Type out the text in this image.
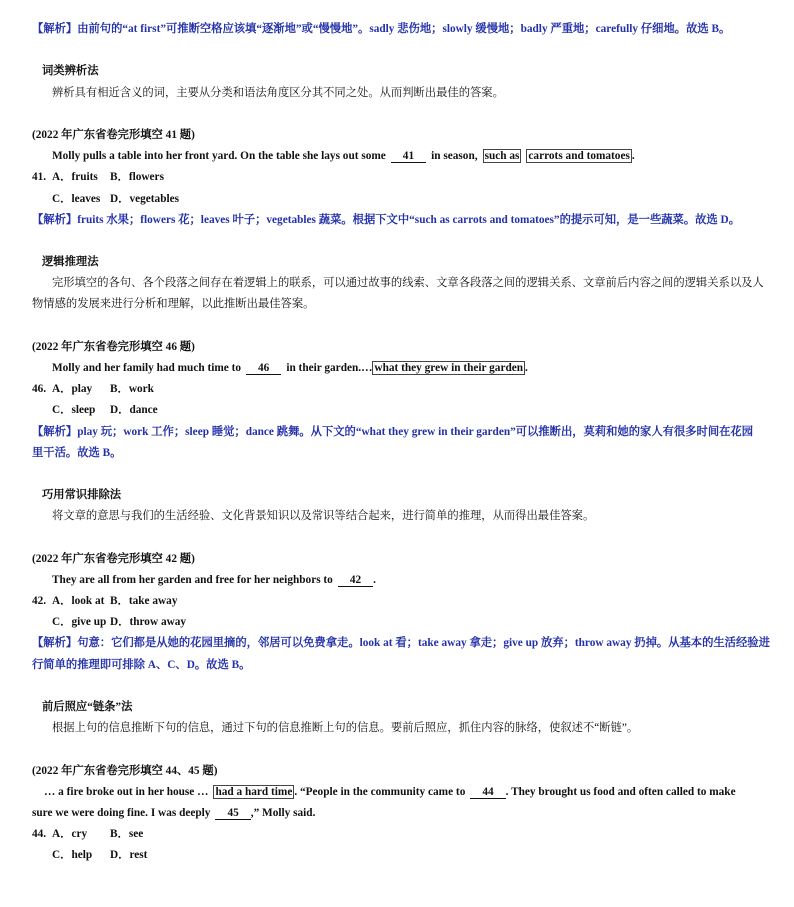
【解析】由前句的“at first”可推断空格应该填“逐渐地”或“慢慢地”。sadly 悲伤地；slowly 缓慢地；badly 严重地；carefully 仔细地。故选 B。
词类辨析法
辨析具有相近含义的词，主要从分类和语法角度区分其不同之处。从而判断出最佳的答案。
(2022 年广东省卷完形填空 41 题)
Molly pulls a table into her front yard. On the table she lays out some 41 in season, such as carrots and tomatoes .
41. A．fruits B．flowers
C．leaves D．vegetables
【解析】fruits 水果；flowers 花；leaves 叶子；vegetables 蔬菜。根据下文中“such as carrots and tomatoes”的提示可知，是一些蔬菜。故选 D。
逻辑推理法
完形填空的各句、各个段落之间存在着逻辑上的联系，可以通过故事的线索、文章各段落之间的逻辑关系、文章前后内容之间的逻辑关系以及人
物情感的发展来进行分析和理解，以此推断出最佳答案。
(2022 年广东省卷完形填空 46 题)
Molly and her family had much time to 46 in their garden.… what they grew in their garden .
46. A．play B．work
C．sleep D．dance
【解析】play 玩；work 工作；sleep 睡觉；dance 跳舞。从下文的“what they grew in their garden”可以推断出，莫莉和她的家人有很多时间在花园
里干活。故选 B。
巧用常识排除法
将文章的意思与我们的生活经验、文化背景知识以及常识等结合起来，进行简单的推理，从而得出最佳答案。
(2022 年广东省卷完形填空 42 题)
They are all from her garden and free for her neighbors to 42 .
42. A．look at B．take away
C．give up D．throw away
【解析】句意：它们都是从她的花园里摘的，邻居可以免费拿走。look at 看；take away 拿走；give up 放弃；throw away 扔掉。从基本的生活经验进
行简单的推理即可排除 A、C、D。故选 B。
前后照应“链条”法
根据上句的信息推断下句的信息，通过下句的信息推断上句的信息。要前后照应，抓住内容的脉络，使叙述不“断链”。
(2022 年广东省卷完形填空 44、45 题)
… a fire broke out in her house … had a hard time . “People in the community came to 44 . They brought us food and often called to make
sure we were doing fine. I was deeply 45 ,” Molly said.
44. A．cry B．see
C．help D．rest
